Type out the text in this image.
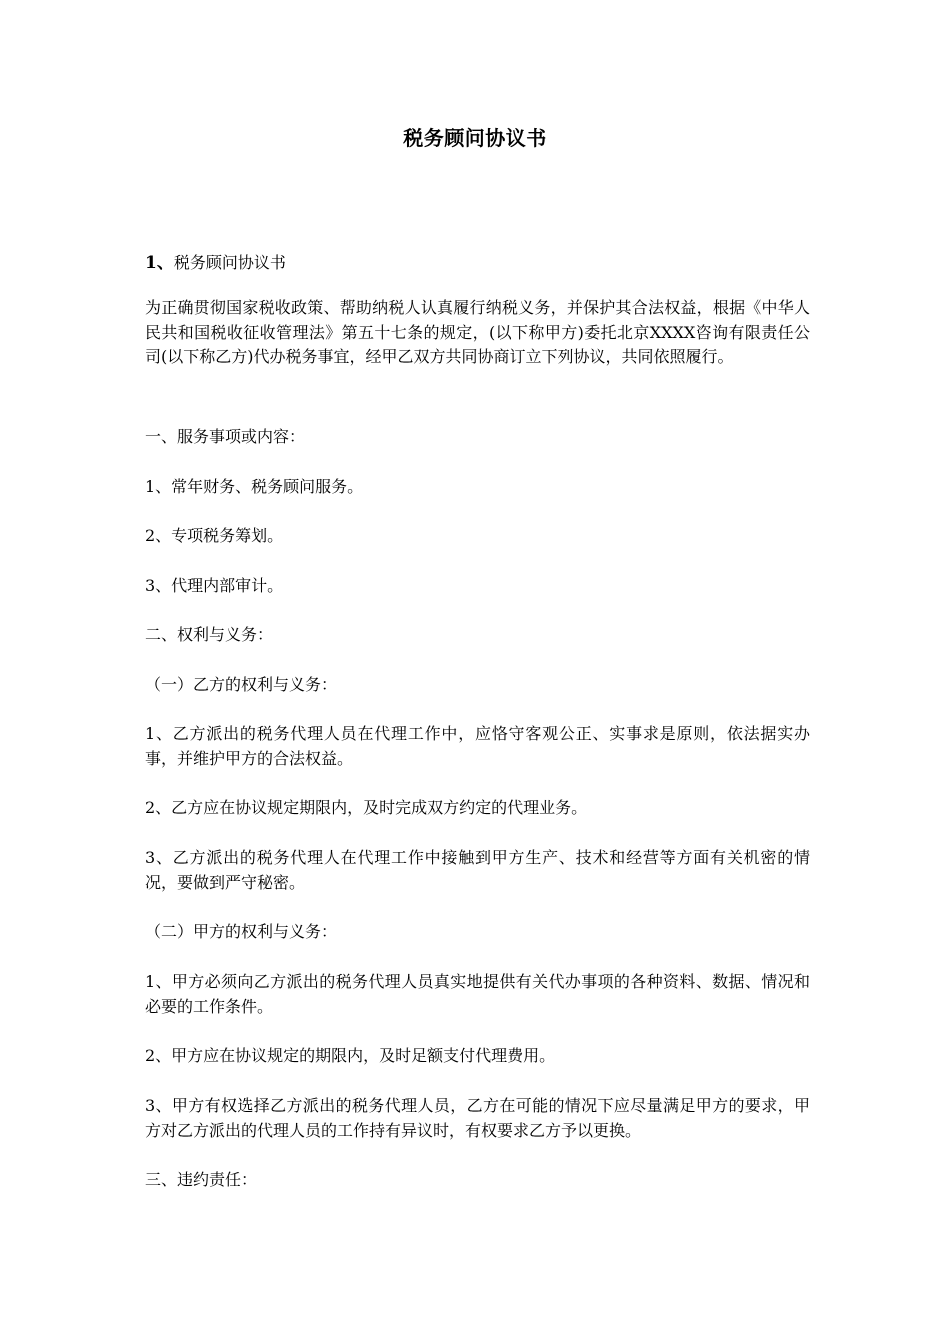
税务顾问协议书
1、税务顾问协议书

为正确贯彻国家税收政策、帮助纳税人认真履行纳税义务，并保护其合法权益，根据《中华人民共和国税收征收管理法》第五十七条的规定，(以下称甲方)委托北京XXXX咨询有限责任公司(以下称乙方)代办税务事宜，经甲乙双方共同协商订立下列协议，共同依照履行。

一、服务事项或内容：

1、常年财务、税务顾问服务。

2、专项税务筹划。

3、代理内部审计。

二、权利与义务：

（一）乙方的权利与义务：

1、乙方派出的税务代理人员在代理工作中，应恪守客观公正、实事求是原则，依法据实办事，并维护甲方的合法权益。

2、乙方应在协议规定期限内，及时完成双方约定的代理业务。

3、乙方派出的税务代理人在代理工作中接触到甲方生产、技术和经营等方面有关机密的情况，要做到严守秘密。

（二）甲方的权利与义务：

1、甲方必须向乙方派出的税务代理人员真实地提供有关代办事项的各种资料、数据、情况和必要的工作条件。

2、甲方应在协议规定的期限内，及时足额支付代理费用。

3、甲方有权选择乙方派出的税务代理人员，乙方在可能的情况下应尽量满足甲方的要求，甲方对乙方派出的代理人员的工作持有异议时，有权要求乙方予以更换。

三、违约责任：
